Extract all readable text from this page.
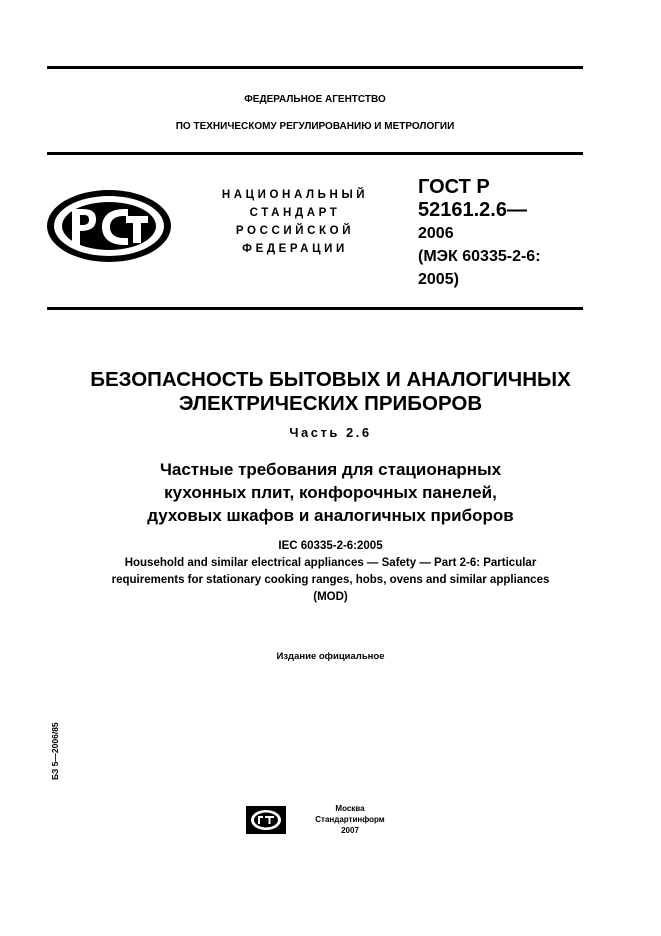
ФЕДЕРАЛЬНОЕ АГЕНТСТВО
ПО ТЕХНИЧЕСКОМУ РЕГУЛИРОВАНИЮ И МЕТРОЛОГИИ
НАЦИОНАЛЬНЫЙ
СТАНДАРТ
РОССИЙСКОЙ
ФЕДЕРАЦИИ
ГОСТ Р
52161.2.6—
2006
(МЭК 60335-2-6:
2005)
БЕЗОПАСНОСТЬ БЫТОВЫХ И АНАЛОГИЧНЫХ
ЭЛЕКТРИЧЕСКИХ ПРИБОРОВ
Часть 2.6
Частные требования для стационарных
кухонных плит, конфорочных панелей,
духовых шкафов и аналогичных приборов
IEC 60335-2-6:2005
Household and similar electrical appliances — Safety — Part 2-6: Particular
requirements for stationary cooking ranges, hobs, ovens and similar appliances
(MOD)
Издание официальное
БЗ 5—2006/85
Москва
Стандартинформ
2007
